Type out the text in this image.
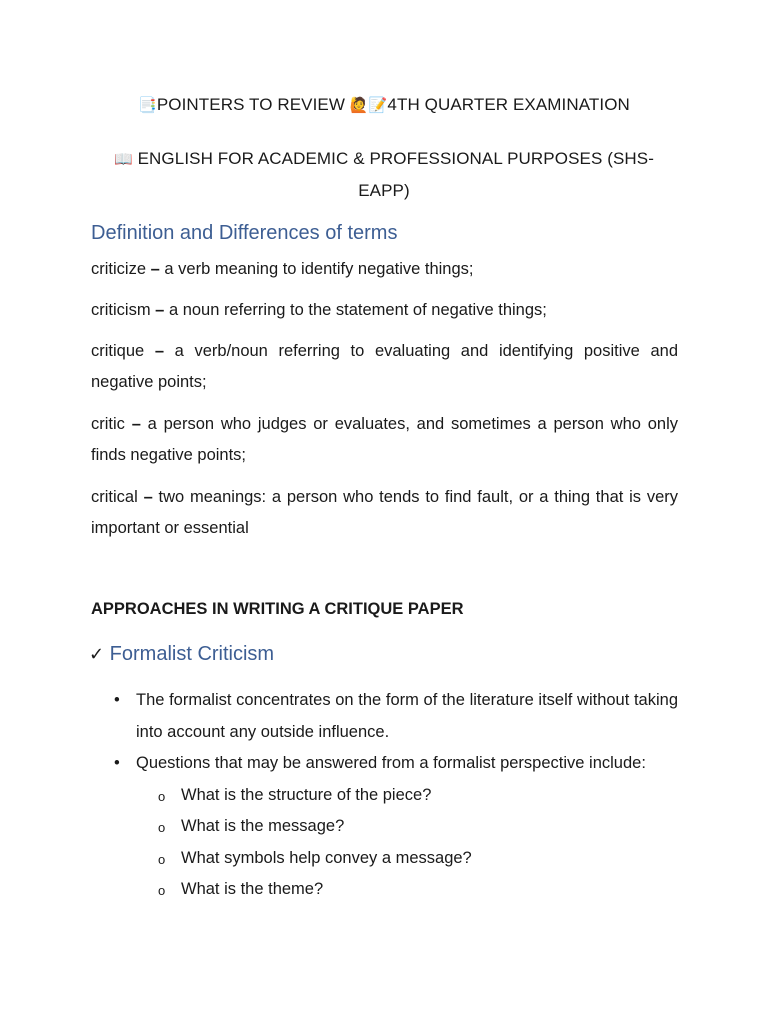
📑POINTERS TO REVIEW 🙋📝4TH QUARTER EXAMINATION
📖 ENGLISH FOR ACADEMIC & PROFESSIONAL PURPOSES (SHS-
EAPP)
Definition and Differences of terms
criticize – a verb meaning to identify negative things;
criticism – a noun referring to the statement of negative things;
critique – a verb/noun referring to evaluating and identifying positive and negative points;
critic – a person who judges or evaluates, and sometimes a person who only finds negative points;
critical – two meanings: a person who tends to find fault, or a thing that is very important or essential
APPROACHES IN WRITING A CRITIQUE PAPER
✓ Formalist Criticism
• The formalist concentrates on the form of the literature itself without taking into account any outside influence.
• Questions that may be answered from a formalist perspective include:
o What is the structure of the piece?
o What is the message?
o What symbols help convey a message?
o What is the theme?
